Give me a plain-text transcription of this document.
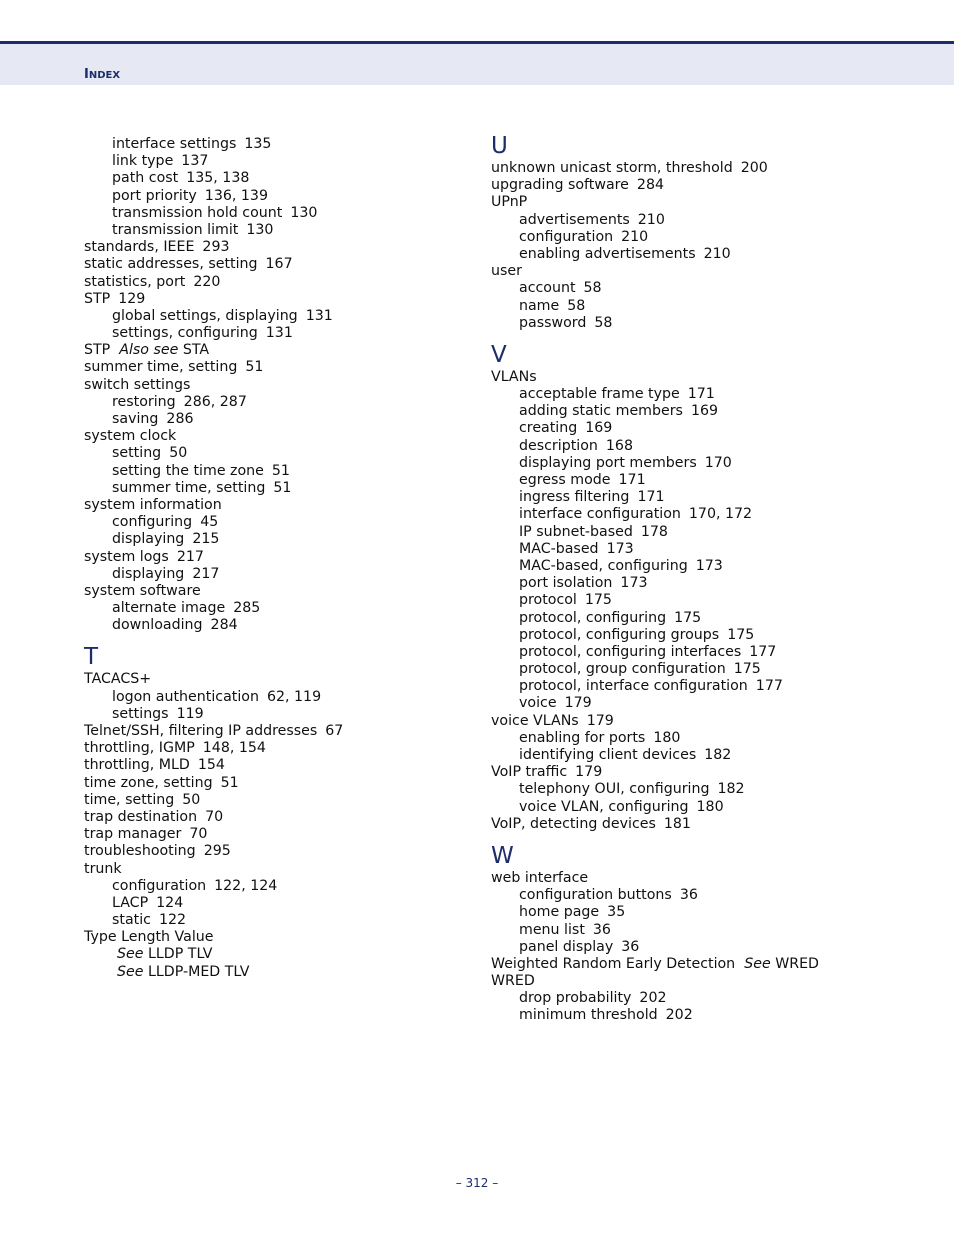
INDEX
interface settings 135
link type 137
path cost 135, 138
port priority 136, 139
transmission hold count 130
transmission limit 130
standards, IEEE 293
static addresses, setting 167
statistics, port 220
STP 129
global settings, displaying 131
settings, configuring 131
STP Also see STA
summer time, setting 51
switch settings
restoring 286, 287
saving 286
system clock
setting 50
setting the time zone 51
summer time, setting 51
system information
configuring 45
displaying 215
system logs 217
displaying 217
system software
alternate image 285
downloading 284
T
TACACS+
logon authentication 62, 119
settings 119
Telnet/SSH, filtering IP addresses 67
throttling, IGMP 148, 154
throttling, MLD 154
time zone, setting 51
time, setting 50
trap destination 70
trap manager 70
troubleshooting 295
trunk
configuration 122, 124
LACP 124
static 122
Type Length Value
See LLDP TLV
See LLDP-MED TLV
U
unknown unicast storm, threshold 200
upgrading software 284
UPnP
advertisements 210
configuration 210
enabling advertisements 210
user
account 58
name 58
password 58
V
VLANs
acceptable frame type 171
adding static members 169
creating 169
description 168
displaying port members 170
egress mode 171
ingress filtering 171
interface configuration 170, 172
IP subnet-based 178
MAC-based 173
MAC-based, configuring 173
port isolation 173
protocol 175
protocol, configuring 175
protocol, configuring groups 175
protocol, configuring interfaces 177
protocol, group configuration 175
protocol, interface configuration 177
voice 179
voice VLANs 179
enabling for ports 180
identifying client devices 182
VoIP traffic 179
telephony OUI, configuring 182
voice VLAN, configuring 180
VoIP, detecting devices 181
W
web interface
configuration buttons 36
home page 35
menu list 36
panel display 36
Weighted Random Early Detection See WRED
WRED
drop probability 202
minimum threshold 202
– 312 –
